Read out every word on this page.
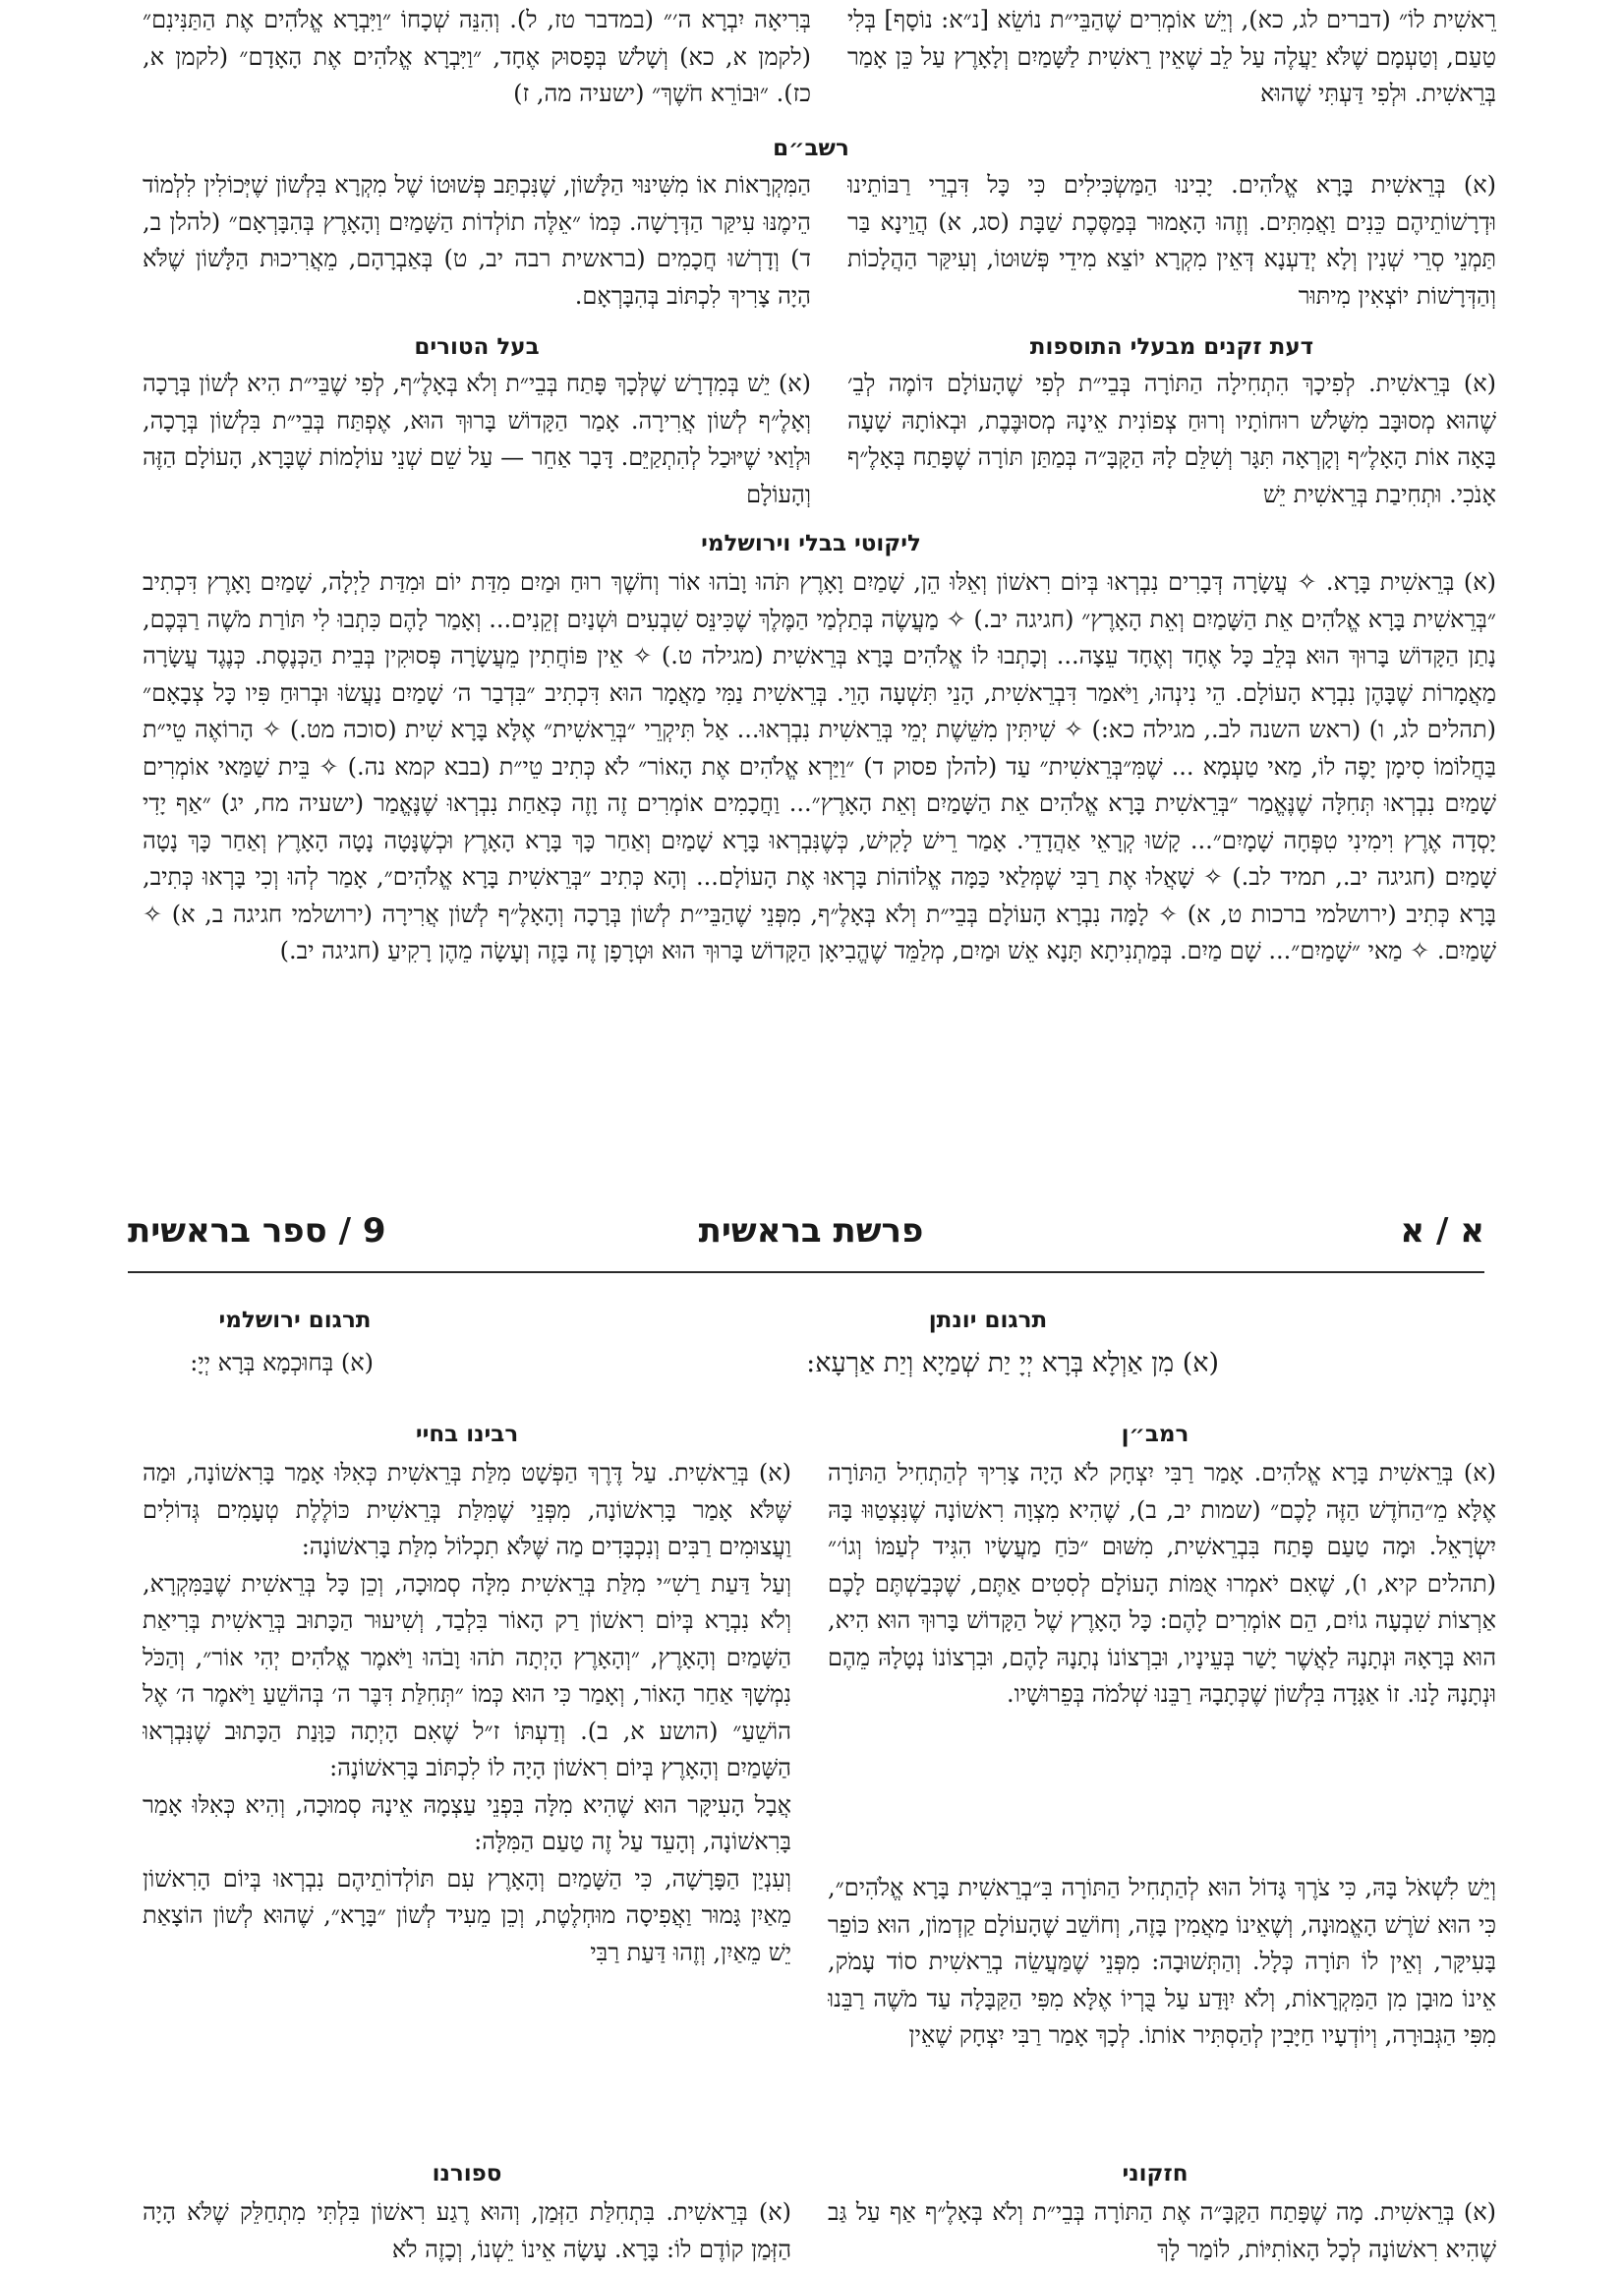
רֵאשִׁית לוֹ״ (דברים לג, כא), וְיֵשׁ אוֹמְרִים שֶׁהַבֵּי״ת נוֹשֵׂא [נ״א: נוֹסָף] בְּלִי טַעַם, וְטַעְמָם שֶׁלֹּא יַעֲלֶה עַל לֵב שֶׁאֵין רֵאשִׁית לַשָּׁמַיִם וְלָאָרֶץ עַל כֵּן אָמַר בְּרֵאשִׁית. וּלְפִי דַּעְתִּי שֶׁהוּא

בְּרִיאָה יִבְרָא ה׳״ (במדבר טז, ל). וְהִנֵּה שְׁכָחוֹ ״וַיִּבְרָא אֱלֹהִים אֶת הַתַּנִּינִם״ (לקמן א, כא) וְשָׁלֹשׁ בְּפָסוּק אֶחָד, ״וַיִּבְרָא אֱלֹהִים אֶת הָאָדָם״ (לקמן א, כז). ״וּבוֹרֵא חֹשֶׁךְ״ (ישעיה מה, ז)

רשב״ם

(א) בְּרֵאשִׁית בָּרָא אֱלֹהִים. יָבִינוּ הַמַּשְׂכִּילִים כִּי כָּל דִּבְרֵי רַבּוֹתֵינוּ וּדְרָשׁוֹתֵיהֶם כֵּנִים וַאֲמִתִּים. וְזֶהוּ הָאָמוּר בְּמַסֶּכֶת שַׁבָּת (סג, א) הֲוֵינָא בַּר תַּמְנֵי סְרֵי שְׁנִין וְלָא יְדַעְנָא דְּאֵין מִקְרָא יוֹצֵא מִידֵי פְּשׁוּטוֹ, וְעִיקַּר הַהֲלָכוֹת וְהַדְּרָשׁוֹת יוֹצְאִין מִיתּוּר

הַמִּקְרָאוֹת אוֹ מִשִּׁינּוּי הַלָּשׁוֹן, שֶׁנִּכְתַּב פְּשׁוּטוֹ שֶׁל מִקְרָא בִּלְשׁוֹן שֶׁיְּכוֹלִין לִלְמוֹד הֵימֶנּוּ עִיקַּר הַדְּרָשָׁה. כְּמוֹ ״אֵלֶּה תוֹלְדוֹת הַשָּׁמַיִם וְהָאָרֶץ בְּהִבָּרְאָם״ (להלן ב, ד) וְדָרְשׁוּ חֲכָמִים (בראשית רבה יב, ט) בְּאַבְרָהָם, מֵאֲרִיכוּת הַלָּשׁוֹן שֶׁלֹּא הָיָה צָרִיךְ לִכְתּוֹב בְּהִבָּרְאָם.

דעת זקנים מבעלי התוספות

(א) בְּרֵאשִׁית. לְפִיכָךְ הִתְחִילָה הַתּוֹרָה בְּבֵי״ת לְפִי שֶׁהָעוֹלָם דּוֹמֶה לְבֵ׳ שֶׁהוּא מְסוּבָּב מִשָּׁלֹשׁ רוּחוֹתָיו וְרוּחַ צְפוֹנִית אֵינָהּ מְסוּבֶּבֶת, וּבְאוֹתָהּ שָׁעָה בָּאָה אוֹת הָאָלֶ״ף וְקָרְאָה תִּגָּר וְשִׁלֵּם לָהּ הַקָּבָּ״ה בְּמַתַּן תּוֹרָה שֶׁפָּתַח בְּאָלֶ״ף אָנֹכִי. וּתְחִיבַת בְּרֵאשִׁית יֵשׁ

בעל הטורים

(א) יֵשׁ בְּמִדְרָשׁ שֶׁלְּכָךְ פָּתַח בְּבֵי״ת וְלֹא בְּאָלֶ״ף, לְפִי שֶׁבֵּי״ת הִיא לְשׁוֹן בְּרָכָה וְאָלֶ״ף לְשׁוֹן אֲרִירָה. אָמַר הַקָּדוֹשׁ בָּרוּךְ הוּא, אֶפְתַּח בְּבֵי״ת בִּלְשׁוֹן בְּרָכָה, וּלְוַאי שֶׁיּוּכַל לְהִתְקַיֵּם. דָּבָר אַחֵר — עַל שֵׁם שְׁנֵי עוֹלָמוֹת שֶׁבָּרָא, הָעוֹלָם הַזֶּה וְהָעוֹלָם

ליקוטי בבלי וירושלמי

(א) בְּרֵאשִׁית בָּרָא. ✧ עֲשָׂרָה דְּבָרִים נִבְרְאוּ בְּיוֹם רִאשׁוֹן וְאֵלּוּ הֵן, שָׁמַיִם וָאָרֶץ תֹּהוּ וָבֹהוּ אוֹר וְחֹשֶׁךְ רוּחַ וּמַיִם מִדַּת יוֹם וּמִדַּת לַיְלָה, שָׁמַיִם וָאָרֶץ דִּכְתִיב ״בְּרֵאשִׁית בָּרָא אֱלֹהִים אֵת הַשָּׁמַיִם וְאֵת הָאָרֶץ״ (חגיגה יב.) ✧ מַעֲשֶׂה בְּתַלְמַי הַמֶּלֶךְ שֶׁכִּינֵּס שִׁבְעִים וּשְׁנַיִם זְקֵנִים... וְאָמַר לָהֶם כִּתְבוּ לִי תּוֹרַת מֹשֶׁה רַבְּכֶם, נָתַן הַקָּדוֹשׁ בָּרוּךְ הוּא בְּלֵב כָּל אֶחָד וְאֶחָד עֵצָה... וְכָתְבוּ לוֹ אֱלֹהִים בָּרָא בְּרֵאשִׁית (מגילה ט.) ✧ אֵין פּוֹחֲתִין מֵעֲשָׂרָה פְּסוּקִין בְּבֵית הַכְּנֶסֶת. כְּנֶגֶד עֲשָׂרָה מַאֲמָרוֹת שֶׁבָּהֶן נִבְרָא הָעוֹלָם. הֵי נִינְהוּ, וַיֹּאמַר דִּבְרֵאשִׁית, הָנֵי תִּשְׁעָה הָוֵי. בְּרֵאשִׁית נַמִּי מַאֲמָר הוּא דִּכְתִיב ״בִּדְבַר ה׳ שָׁמַיִם נַעֲשׂוּ וּבְרוּחַ פִּיו כָּל צְבָאָם״ (תהלים לג, ו) (ראש השנה לב., מגילה כא:) ✧ שִׁיתִּין מִשֵּׁשֶׁת יְמֵי בְּרֵאשִׁית נִבְרְאוּ... אַל תִּיקְרֵי ״בְּרֵאשִׁית״ אֶלָּא בָּרָא שִׁית (סוכה מט.) ✧ הָרוֹאֶה טֵי״ת בַּחֲלוֹמוֹ סִימָן יָפֶה לוֹ, מַאי טַעְמָא ... שֶׁמִּ״בְּרֵאשִׁית״ עַד (להלן פסוק ד) ״וַיַּרְא אֱלֹהִים אֶת הָאוֹר״ לֹא כְּתִיב טֵי״ת (בבא קמא נה.) ✧ בֵּית שַׁמַּאי אוֹמְרִים שָׁמַיִם נִבְרְאוּ תְּחִלָּה שֶׁנֶּאֱמַר ״בְּרֵאשִׁית בָּרָא אֱלֹהִים אֵת הַשָּׁמַיִם וְאֵת הָאָרֶץ״... וַחֲכָמִים אוֹמְרִים זֶה וָזֶה כְּאַחַת נִבְרְאוּ שֶׁנֶּאֱמַר (ישעיה מח, יג) ״אַף יָדִי יָסְדָה אֶרֶץ וִימִינִי טִפְּחָה שָׁמָיִם״... קָשׁוּ קְרָאֵי אַהֲדָדֵי. אָמַר רֵישׁ לָקִישׁ, כְּשֶׁנִּבְרְאוּ בָּרָא שָׁמַיִם וְאַחַר כָּךְ בָּרָא הָאָרֶץ וּכְשֶׁנָּטָה נָטָה הָאָרֶץ וְאַחַר כָּךְ נָטָה שָׁמַיִם (חגיגה יב., תמיד לב.) ✧ שָׁאֲלוּ אֶת רַבִּי שֶׁמְּלַאי כַּמָּה אֱלוֹהוֹת בָּרְאוּ אֶת הָעוֹלָם... וְהָא כְּתִיב ״בְּרֵאשִׁית בָּרָא אֱלֹהִים״, אָמַר לְהוּ וְכִי בָּרְאוּ כְּתִיב, בָּרָא כְּתִיב (ירושלמי ברכות ט, א) ✧ לָמָּה נִבְרָא הָעוֹלָם בְּבֵי״ת וְלֹא בְּאָלֶ״ף, מִפְּנֵי שֶׁהַבֵּי״ת לְשׁוֹן בְּרָכָה וְהָאָלֶ״ף לְשׁוֹן אֲרִירָה (ירושלמי חגיגה ב, א) ✧ שָׁמַיִם. ✧ מַאי ״שָׁמַיִם״... שָׁם מַיִם. בְּמַתְנִיתָא תָּנָא אֵשׁ וּמַיִם, מְלַמֵּד שֶׁהֱבִיאָן הַקָּדוֹשׁ בָּרוּךְ הוּא וּטְרָפָן זֶה בָּזֶה וְעָשָׂה מֵהֶן רָקִיעַ (חגיגה יב.)

9 / ספר בראשית	פרשת בראשית	א / א
תרגום יונתן

(א) מִן אַוְלָא בְּרָא יְיָ יַת שְׁמַיָא וְיַת אַרְעָא:

תרגום ירושלמי

(א) בְּחוּכְמָא בְּרָא יְיָ:

רמב״ן

(א) בְּרֵאשִׁית בָּרָא אֱלֹהִים. אָמַר רַבִּי יִצְחָק לֹא הָיָה צָרִיךְ לְהַתְחִיל הַתּוֹרָה אֶלָּא מֵ״הַחֹדֶשׁ הַזֶּה לָכֶם״ (שמות יב, ב), שֶׁהִיא מִצְוָה רִאשׁוֹנָה שֶׁנִּצְטַוּוּ בָּהּ יִשְׂרָאֵל. וּמָה טַעַם פָּתַח בִּבְרֵאשִׁית, מִשּׁוּם ״כֹּחַ מַעֲשָׂיו הִגִּיד לְעַמּוֹ וְגוֹ׳״ (תהלים קיא, ו), שֶׁאִם יֹאמְרוּ אֻמּוֹת הָעוֹלָם לְסִטִים אַתֶּם, שֶׁכְּבַשְׁתֶּם לָכֶם אַרְצוֹת שִׁבְעָה גוֹיִם, הֵם אוֹמְרִים לָהֶם: כָּל הָאָרֶץ שֶׁל הַקָּדוֹשׁ בָּרוּךְ הוּא הִיא, הוּא בְּרָאָהּ וּנְתָנָהּ לַאֲשֶׁר יָשַׁר בְּעֵינָיו, וּבִרְצוֹנוֹ נְתָנָהּ לָהֶם, וּבִרְצוֹנוֹ נְטָלָהּ מֵהֶם וּנְתָנָהּ לָנוּ. זוֹ אַגָּדָה בִּלְשׁוֹן שֶׁכְּתָבָהּ רַבֵּנוּ שְׁלֹמֹה בְּפֵרוּשָׁיו.

וְיֵשׁ לִשְׁאֹל בָּהּ, כִּי צֹרֶךְ גָּדוֹל הוּא לְהַתְחִיל הַתּוֹרָה בִּ״בְרֵאשִׁית בָּרָא אֱלֹהִים״, כִּי הוּא שֹׁרֶשׁ הָאֱמוּנָה, וְשֶׁאֵינוֹ מַאֲמִין בָּזֶה, וְחוֹשֵׁב שֶׁהָעוֹלָם קַדְמוֹן, הוּא כּוֹפֵר בָּעִיקָּר, וְאֵין לוֹ תּוֹרָה כְּלָל. וְהַתְּשׁוּבָה: מִפְּנֵי שֶׁמַּעֲשֵׂה בְרֵאשִׁית סוֹד עָמֹק, אֵינוֹ מוּבָן מִן הַמִּקְרָאוֹת, וְלֹא יִוָּדַע עַל בֻּרְיוֹ אֶלָּא מִפִּי הַקַּבָּלָה עַד מֹשֶׁה רַבֵּנוּ מִפִּי הַגְּבוּרָה, וְיוֹדְעָיו חַיָּבִין לְהַסְתִּיר אוֹתוֹ. לְכָךְ אָמַר רַבִּי יִצְחָק שֶׁאֵין

רבינו בחיי

(א) בְּרֵאשִׁית. עַל דֶּרֶךְ הַפְּשָׁט מִלַּת בְּרֵאשִׁית כְּאִלּוּ אָמַר בָּרִאשׁוֹנָה, וּמַה שֶּׁלֹּא אָמַר בָּרִאשׁוֹנָה, מִפְּנֵי שֶׁמִּלַּת בְּרֵאשִׁית כּוֹלֶלֶת טְעָמִים גְּדוֹלִים וַעֲצוּמִים רַבִּים וְנִכְבָּדִים מַה שֶּׁלֹּא תִכְלוֹל מִלַּת בָּרִאשׁוֹנָה:

וְעַל דַּעַת רַשִׁ״י מִלַּת בְּרֵאשִׁית מִלָּה סְמוּכָה, וְכֵן כָּל בְּרֵאשִׁית שֶׁבַּמִּקְרָא, וְלֹא נִבְרָא בְּיוֹם רִאשׁוֹן רַק הָאוֹר בִּלְבַד, וְשִׁיעוּר הַכָּתוּב בְּרֵאשִׁית בְּרִיאַת הַשָּׁמַיִם וְהָאָרֶץ, ״וְהָאָרֶץ הָיְתָה תֹהוּ וָבֹהוּ וַיֹּאמֶר אֱלֹהִים יְהִי אוֹר״, וְהַכֹּל נִמְשָׁךְ אַחַר הָאוֹר, וְאָמַר כִּי הוּא כְּמוֹ ״תְּחִלַּת דִּבֶּר ה׳ בְּהוֹשֵׁעַ וַיֹּאמֶר ה׳ אֶל הוֹשֵׁעַ״ (הושע א, ב). וְדַעְתּוֹ ז״ל שֶׁאִם הָיְתָה כַּוָּנַת הַכָּתוּב שֶׁנִּבְרְאוּ הַשָּׁמַיִם וְהָאָרֶץ בְּיוֹם רִאשׁוֹן הָיָה לוֹ לִכְתּוֹב בָּרִאשׁוֹנָה:

אֲבָל הָעִיקָּר הוּא שֶׁהִיא מִלָּה בִּפְנֵי עַצְמָהּ אֵינָהּ סְמוּכָה, וְהִיא כְּאִלּוּ אָמַר בָּרִאשׁוֹנָה, וְהָעֵד עַל זֶה טַעַם הַמִּלָּה:

וְעִנְיַן הַפָּרָשָׁה, כִּי הַשָּׁמַיִם וְהָאָרֶץ עִם תּוֹלְדוֹתֵיהֶם נִבְרְאוּ בְּיוֹם הָרִאשׁוֹן מֵאַיִן גָּמוּר וַאֲפִיסָה מוּחְלֶטֶת, וְכֵן מֵעִיד לְשׁוֹן ״בָּרָא״, שֶׁהוּא לְשׁוֹן הוֹצָאַת יֵשׁ מֵאַיִן, וְזֶהוּ דַּעַת רַבִּי

חזקוני

(א) בְּרֵאשִׁית. מָה שֶׁפָּתַח הַקָּבָּ״ה אֶת הַתּוֹרָה בְּבֵי״ת וְלֹא בְּאָלֶ״ף אַף עַל גַּב שֶׁהִיא רִאשׁוֹנָה לְכָל הָאוֹתִיּוֹת, לוֹמַר לָךְ

ספורנו

(א) בְּרֵאשִׁית. בִּתְחִלַּת הַזְּמַן, וְהוּא רֶגַע רִאשׁוֹן בִּלְתִּי מִתְחַלֵּק שֶׁלֹּא הָיָה הַזְּמַן קוֹדֶם לוֹ: בָּרָא. עָשָׂה אֵינוֹ יֵשְׁנוֹ, וְכָזֶה לֹא
